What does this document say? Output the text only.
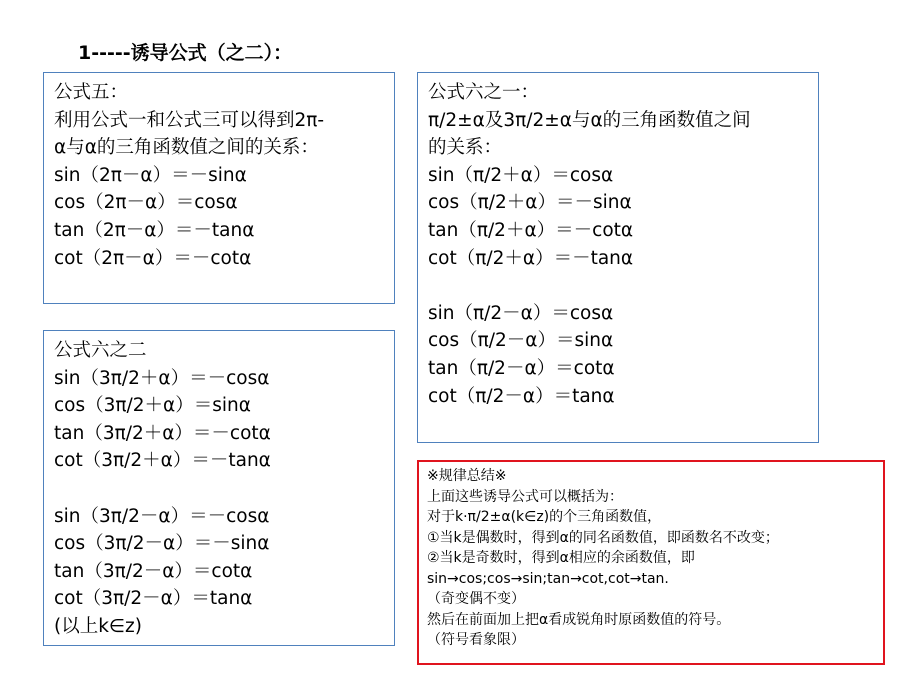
1-----诱导公式（之二）：
公式五：
利用公式一和公式三可以得到2π-
α与α的三角函数值之间的关系：
sin（2π－α）＝－sinα
cos（2π－α）＝cosα
tan（2π－α）＝－tanα
cot（2π－α）＝－cotα
公式六之一：
π/2±α及3π/2±α与α的三角函数值之间
的关系：
sin（π/2＋α）＝cosα
cos（π/2＋α）＝－sinα
tan（π/2＋α）＝－cotα
cot（π/2＋α）＝－tanα
sin（π/2－α）＝cosα
cos（π/2－α）＝sinα
tan（π/2－α）＝cotα
cot（π/2－α）＝tanα
公式六之二
sin（3π/2＋α）＝－cosα
cos（3π/2＋α）＝sinα
tan（3π/2＋α）＝－cotα
cot（3π/2＋α）＝－tanα
sin（3π/2－α）＝－cosα
cos（3π/2－α）＝－sinα
tan（3π/2－α）＝cotα
cot（3π/2－α）＝tanα
(以上k∈z)
※规律总结※
上面这些诱导公式可以概括为：
对于k·π/2±α(k∈z)的个三角函数值，
①当k是偶数时，得到α的同名函数值，即函数名不改变；
②当k是奇数时，得到α相应的余函数值，即
sin→cos;cos→sin;tan→cot,cot→tan.
（奇变偶不变）
然后在前面加上把α看成锐角时原函数值的符号。
（符号看象限）
